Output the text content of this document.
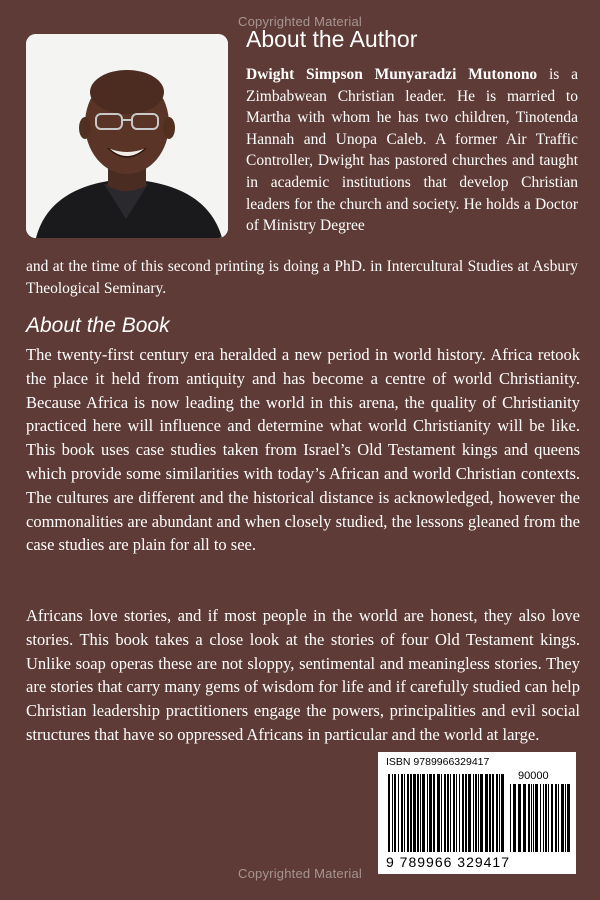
Copyrighted Material
About the Author
Dwight Simpson Munyaradzi Mutonono is a Zimbabwean Christian leader. He is married to Martha with whom he has two children, Tinotenda Hannah and Unopa Caleb. A former Air Traffic Controller, Dwight has pastored churches and taught in academic institutions that develop Christian leaders for the church and society. He holds a Doctor of Ministry Degree
and at the time of this second printing is doing a PhD. in Intercultural Studies at Asbury Theological Seminary.
About the Book
The twenty-first century era heralded a new period in world history. Africa retook the place it held from antiquity and has become a centre of world Christianity. Because Africa is now leading the world in this arena, the quality of Christianity practiced here will influence and determine what world Christianity will be like. This book uses case studies taken from Israel’s Old Testament kings and queens which provide some similarities with today’s African and world Christian contexts. The cultures are different and the historical distance is acknowledged, however the commonalities are abundant and when closely studied, the lessons gleaned from the case studies are plain for all to see.
Africans love stories, and if most people in the world are honest, they also love stories. This book takes a close look at the stories of four Old Testament kings. Unlike soap operas these are not sloppy, sentimental and meaningless stories. They are stories that carry many gems of wisdom for life and if carefully studied can help Christian leadership practitioners engage the powers, principalities and evil social structures that have so oppressed Africans in particular and the world at large.
ISBN 9789966329417
90000
9 789966 329417
Copyrighted Material
